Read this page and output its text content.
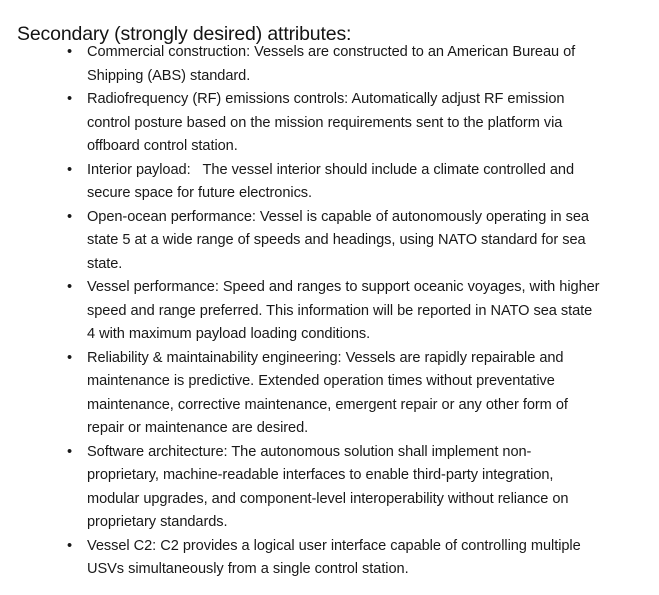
Secondary (strongly desired) attributes:
•	Commercial construction: Vessels are constructed to an American Bureau of Shipping (ABS) standard.
•	Radiofrequency (RF) emissions controls: Automatically adjust RF emission control posture based on the mission requirements sent to the platform via offboard control station.
•	Interior payload:   The vessel interior should include a climate controlled and secure space for future electronics.
•	Open-ocean performance: Vessel is capable of autonomously operating in sea state 5 at a wide range of speeds and headings, using NATO standard for sea state.
•	Vessel performance: Speed and ranges to support oceanic voyages, with higher speed and range preferred. This information will be reported in NATO sea state 4 with maximum payload loading conditions.
•	Reliability & maintainability engineering: Vessels are rapidly repairable and maintenance is predictive. Extended operation times without preventative maintenance, corrective maintenance, emergent repair or any other form of repair or maintenance are desired.
•	Software architecture: The autonomous solution shall implement non-proprietary, machine-readable interfaces to enable third-party integration, modular upgrades, and component-level interoperability without reliance on proprietary standards.
•	Vessel C2: C2 provides a logical user interface capable of controlling multiple USVs simultaneously from a single control station.
